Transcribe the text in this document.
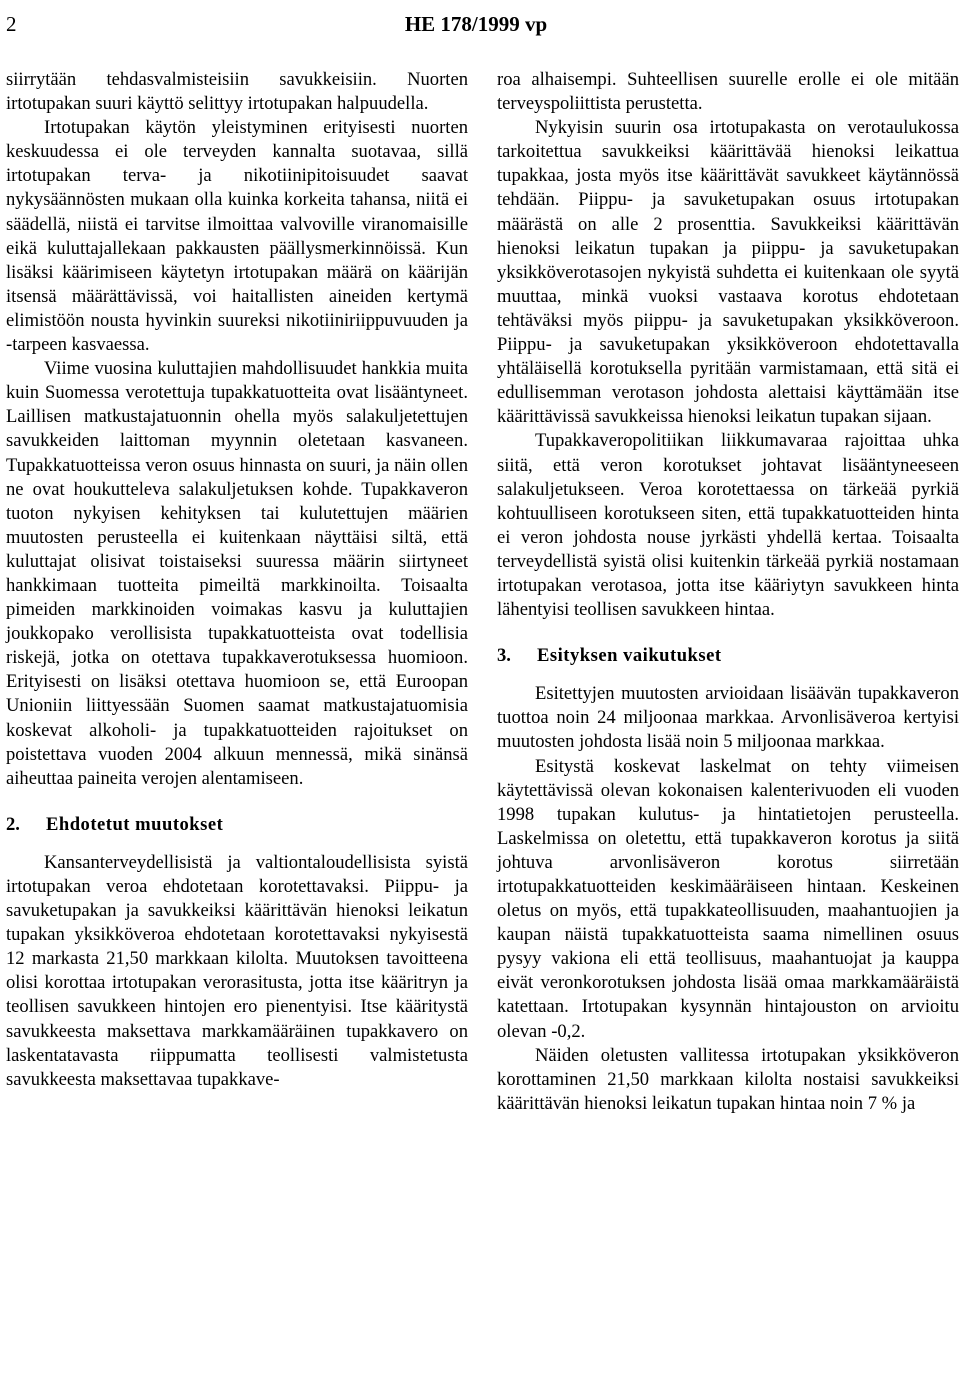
2	HE 178/1999 vp

siirrytään tehdasvalmisteisiin savukkeisiin. Nuorten irtotupakan suuri käyttö selittyy irtotupakan halpuudella.

Irtotupakan käytön yleistyminen erityisesti nuorten keskuudessa ei ole terveyden kannalta suotavaa, sillä irtotupakan terva- ja nikotiinipitoisuudet saavat nykysäännösten mukaan olla kuinka korkeita tahansa, niitä ei säädellä, niistä ei tarvitse ilmoittaa valvoville viranomaisille eikä kuluttajallekaan pakkausten päällysmerkinnöissä. Kun lisäksi käärimiseen käytetyn irtotupakan määrä on käärijän itsensä määrättävissä, voi haitallisten aineiden kertymä elimistöön nousta hyvinkin suureksi nikotiiniriippuvuuden ja -tarpeen kasvaessa.

Viime vuosina kuluttajien mahdollisuudet hankkia muita kuin Suomessa verotettuja tupakkatuotteita ovat lisääntyneet. Laillisen matkustajatuonnin ohella myös salakuljetettujen savukkeiden laittoman myynnin oletetaan kasvaneen. Tupakkatuotteissa veron osuus hinnasta on suuri, ja näin ollen ne ovat houkutteleva salakuljetuksen kohde. Tupakkaveron tuoton nykyisen kehityksen tai kulutettujen määrien muutosten perusteella ei kuitenkaan näyttäisi siltä, että kuluttajat olisivat toistaiseksi suuressa määrin siirtyneet hankkimaan tuotteita pimeiltä markkinoilta. Toisaalta pimeiden markkinoiden voimakas kasvu ja kuluttajien joukkopako verollisista tupakkatuotteista ovat todellisia riskejä, jotka on otettava tupakkaverotuksessa huomioon. Erityisesti on lisäksi otettava huomioon se, että Euroopan Unioniin liittyessään Suomen saamat matkustajatuomisia koskevat alkoholi- ja tupakkatuotteiden rajoitukset on poistettava vuoden 2004 alkuun mennessä, mikä sinänsä aiheuttaa paineita verojen alentamiseen.

2. Ehdotetut muutokset

Kansanterveydellisistä ja valtiontaloudellisista syistä irtotupakan veroa ehdotetaan korotettavaksi. Piippu- ja savuketupakan ja savukkeiksi käärittävän hienoksi leikatun tupakan yksikköveroa ehdotetaan korotettavaksi nykyisestä 12 markasta 21,50 markkaan kilolta. Muutoksen tavoitteena olisi korottaa irtotupakan verorasitusta, jotta itse kääritryn ja teollisen savukkeen hintojen ero pienentyisi. Itse kääritystä savukkeesta maksettava markkamääräinen tupakkavero on laskentatavasta riippumatta teollisesti valmistetusta savukkeesta maksettavaa tupakkave-

roa alhaisempi. Suhteellisen suurelle erolle ei ole mitään terveyspoliittista perustetta.

Nykyisin suurin osa irtotupakasta on verotaulukossa tarkoitettua savukkeiksi käärittävää hienoksi leikattua tupakkaa, josta myös itse käärittävät savukkeet käytännössä tehdään. Piippu- ja savuketupakan osuus irtotupakan määrästä on alle 2 prosenttia. Savukkeiksi käärittävän hienoksi leikatun tupakan ja piippu- ja savuketupakan yksikköverotasojen nykyistä suhdetta ei kuitenkaan ole syytä muuttaa, minkä vuoksi vastaava korotus ehdotetaan tehtäväksi myös piippu- ja savuketupakan yksikköveroon. Piippu- ja savuketupakan yksikköveroon ehdotettavalla yhtäläisellä korotuksella pyritään varmistamaan, että sitä ei edullisemman verotason johdosta alettaisi käyttämään itse käärittävissä savukkeissa hienoksi leikatun tupakan sijaan.

Tupakkaveropolitiikan liikkumavaraa rajoittaa uhka siitä, että veron korotukset johtavat lisääntyneeseen salakuljetukseen. Veroa korotettaessa on tärkeää pyrkiä kohtuulliseen korotukseen siten, että tupakkatuotteiden hinta ei veron johdosta nouse jyrkästi yhdellä kertaa. Toisaalta terveydellistä syistä olisi kuitenkin tärkeää pyrkiä nostamaan irtotupakan verotasoa, jotta itse kääriytyn savukkeen hinta lähentyisi teollisen savukkeen hintaa.

3. Esityksen vaikutukset

Esitettyjen muutosten arvioidaan lisäävän tupakkaveron tuottoa noin 24 miljoonaa markkaa. Arvonlisäveroa kertyisi muutosten johdosta lisää noin 5 miljoonaa markkaa.

Esitystä koskevat laskelmat on tehty viimeisen käytettävissä olevan kokonaisen kalenterivuoden eli vuoden 1998 tupakan kulutus- ja hintatietojen perusteella. Laskelmissa on oletettu, että tupakkaveron korotus ja siitä johtuva arvonlisäveron korotus siirretään irtotupakkatuotteiden keskimääräiseen hintaan. Keskeinen oletus on myös, että tupakkateollisuuden, maahantuojien ja kaupan näistä tupakkatuotteista saama nimellinen osuus pysyy vakiona eli että teollisuus, maahantuojat ja kauppa eivät veronkorotuksen johdosta lisää omaa markkamääräistä katettaan. Irtotupakan kysynnän hintajouston on arvioitu olevan -0,2.

Näiden oletusten vallitessa irtotupakan yksikköveron korottaminen 21,50 markkaan kilolta nostaisi savukkeiksi käärittävän hienoksi leikatun tupakan hintaa noin 7 % ja
